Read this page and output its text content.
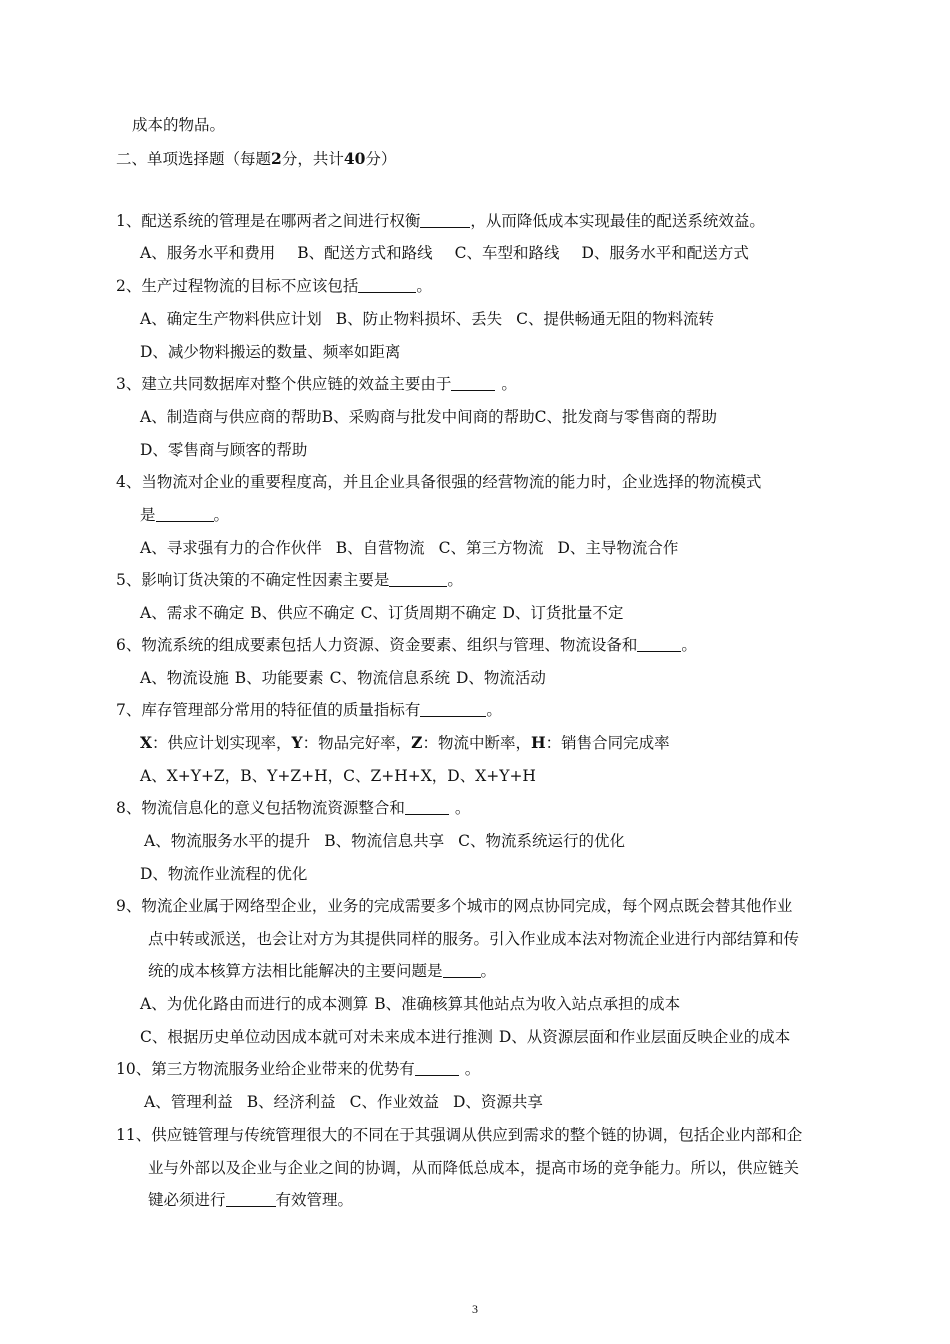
成本的物品。
二、单项选择题（每题2分，共计40分）
1、配送系统的管理是在哪两者之间进行权衡	，从而降低成本实现最佳的配送系统效益。
A、服务水平和费用 B、配送方式和路线 C、车型和路线 D、服务水平和配送方式
2、生产过程物流的目标不应该包括	。
A、确定生产物料供应计划 B、防止物料损坏、丢失 C、提供畅通无阻的物料流转
D、减少物料搬运的数量、频率如距离
3、建立共同数据库对整个供应链的效益主要由于	。
A、制造商与供应商的帮助B、采购商与批发中间商的帮助C、批发商与零售商的帮助
D、零售商与顾客的帮助
4、当物流对企业的重要程度高，并且企业具备很强的经营物流的能力时，企业选择的物流模式
是	。
A、寻求强有力的合作伙伴 B、自营物流 C、第三方物流 D、主导物流合作
5、影响订货决策的不确定性因素主要是	。
A、需求不确定 B、供应不确定 C、订货周期不确定 D、订货批量不定
6、物流系统的组成要素包括人力资源、资金要素、组织与管理、物流设备和	。
A、物流设施 B、功能要素 C、物流信息系统 D、物流活动
7、库存管理部分常用的特征值的质量指标有	。
X：供应计划实现率，Y：物品完好率，Z：物流中断率，H：销售合同完成率
A、X+Y+Z，B、Y+Z+H，C、Z+H+X，D、X+Y+H
8、物流信息化的意义包括物流资源整合和	。
A、物流服务水平的提升 B、物流信息共享 C、物流系统运行的优化
D、物流作业流程的优化
9、物流企业属于网络型企业，业务的完成需要多个城市的网点协同完成，每个网点既会替其他作业
点中转或派送，也会让对方为其提供同样的服务。引入作业成本法对物流企业进行内部结算和传
统的成本核算方法相比能解决的主要问题是 。
A、为优化路由而进行的成本测算 B、准确核算其他站点为收入站点承担的成本
C、根据历史单位动因成本就可对未来成本进行推测 D、从资源层面和作业层面反映企业的成本
10、第三方物流服务业给企业带来的优势有	。
A、管理利益 B、经济利益 C、作业效益 D、资源共享
11、供应链管理与传统管理很大的不同在于其强调从供应到需求的整个链的协调，包括企业内部和企
业与外部以及企业与企业之间的协调，从而降低总成本，提高市场的竞争能力。所以，供应链关
键必须进行	有效管理。
3
